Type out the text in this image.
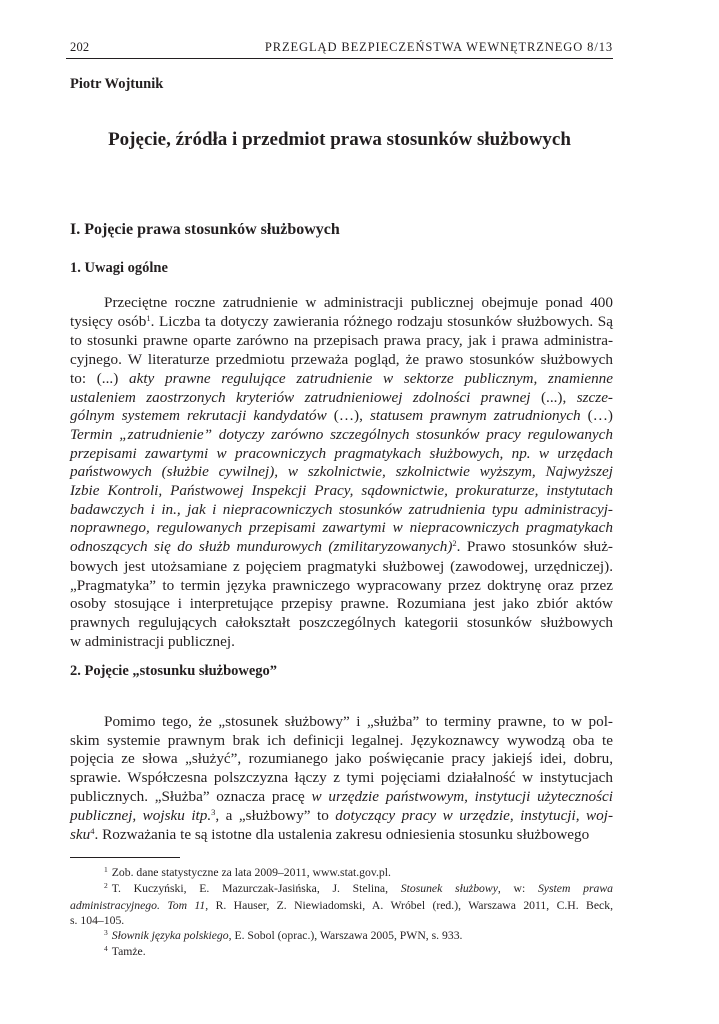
202	PRZEGLĄD BEZPIECZEŃSTWA WEWNĘTRZNEGO 8/13
Piotr Wojtunik
Pojęcie, źródła i przedmiot prawa stosunków służbowych
I. Pojęcie prawa stosunków służbowych
1. Uwagi ogólne
Przeciętne roczne zatrudnienie w administracji publicznej obejmuje ponad 400
tysięcy osób$^1$. Liczba ta dotyczy zawierania różnego rodzaju stosunków służbowych. Są
to stosunki prawne oparte zarówno na przepisach prawa pracy, jak i prawa administra-
cyjnego. W literaturze przedmiotu przeważa pogląd, że prawo stosunków służbowych
to: (...) akty prawne regulujące zatrudnienie w sektorze publicznym, znamienne
ustaleniem zaostrzonych kryteriów zatrudnieniowej zdolności prawnej (...), szcze-
gólnym systemem rekrutacji kandydatów (…), statusem prawnym zatrudnionych (…)
Termin „zatrudnienie” dotyczy zarówno szczególnych stosunków pracy regulowanych
przepisami zawartymi w pracowniczych pragmatykach służbowych, np. w urzędach
państwowych (służbie cywilnej), w szkolnictwie, szkolnictwie wyższym, Najwyższej
Izbie Kontroli, Państwowej Inspekcji Pracy, sądownictwie, prokuraturze, instytutach
badawczych i in., jak i niepracowniczych stosunków zatrudnienia typu administracyj-
noprawnego, regulowanych przepisami zawartymi w niepracowniczych pragmatykach
odnoszących się do służb mundurowych (zmilitaryzowanych)$^2$. Prawo stosunków służ-
bowych jest utożsamiane z pojęciem pragmatyki służbowej (zawodowej, urzędniczej).
„Pragmatyka” to termin języka prawniczego wypracowany przez doktrynę oraz przez
osoby stosujące i interpretujące przepisy prawne. Rozumiana jest jako zbiór aktów
prawnych regulujących całokształt poszczególnych kategorii stosunków służbowych
w administracji publicznej.
2. Pojęcie „stosunku służbowego”
Pomimo tego, że „stosunek służbowy” i „służba” to terminy prawne, to w pol-
skim systemie prawnym brak ich definicji legalnej. Językoznawcy wywodzą oba te
pojęcia ze słowa „służyć”, rozumianego jako poświęcanie pracy jakiejś idei, dobru,
sprawie. Współczesna polszczyzna łączy z tymi pojęciami działalność w instytucjach
publicznych. „Służba” oznacza pracę w urzędzie państwowym, instytucji użyteczności
publicznej, wojsku itp.$^3$, a „służbowy” to dotyczący pracy w urzędzie, instytucji, woj-
sku$^4$. Rozważania te są istotne dla ustalenia zakresu odniesienia stosunku służbowego
$^1$ Zob. dane statystyczne za lata 2009–2011, www.stat.gov.pl.
$^2$ T. Kuczyński, E. Mazurczak-Jasińska, J. Stelina, Stosunek służbowy, w: System prawa
administracyjnego. Tom 11, R. Hauser, Z. Niewiadomski, A. Wróbel (red.), Warszawa 2011, C.H. Beck,
s. 104–105.
$^3$ Słownik języka polskiego, E. Sobol (oprac.), Warszawa 2005, PWN, s. 933.
$^4$ Tamże.
